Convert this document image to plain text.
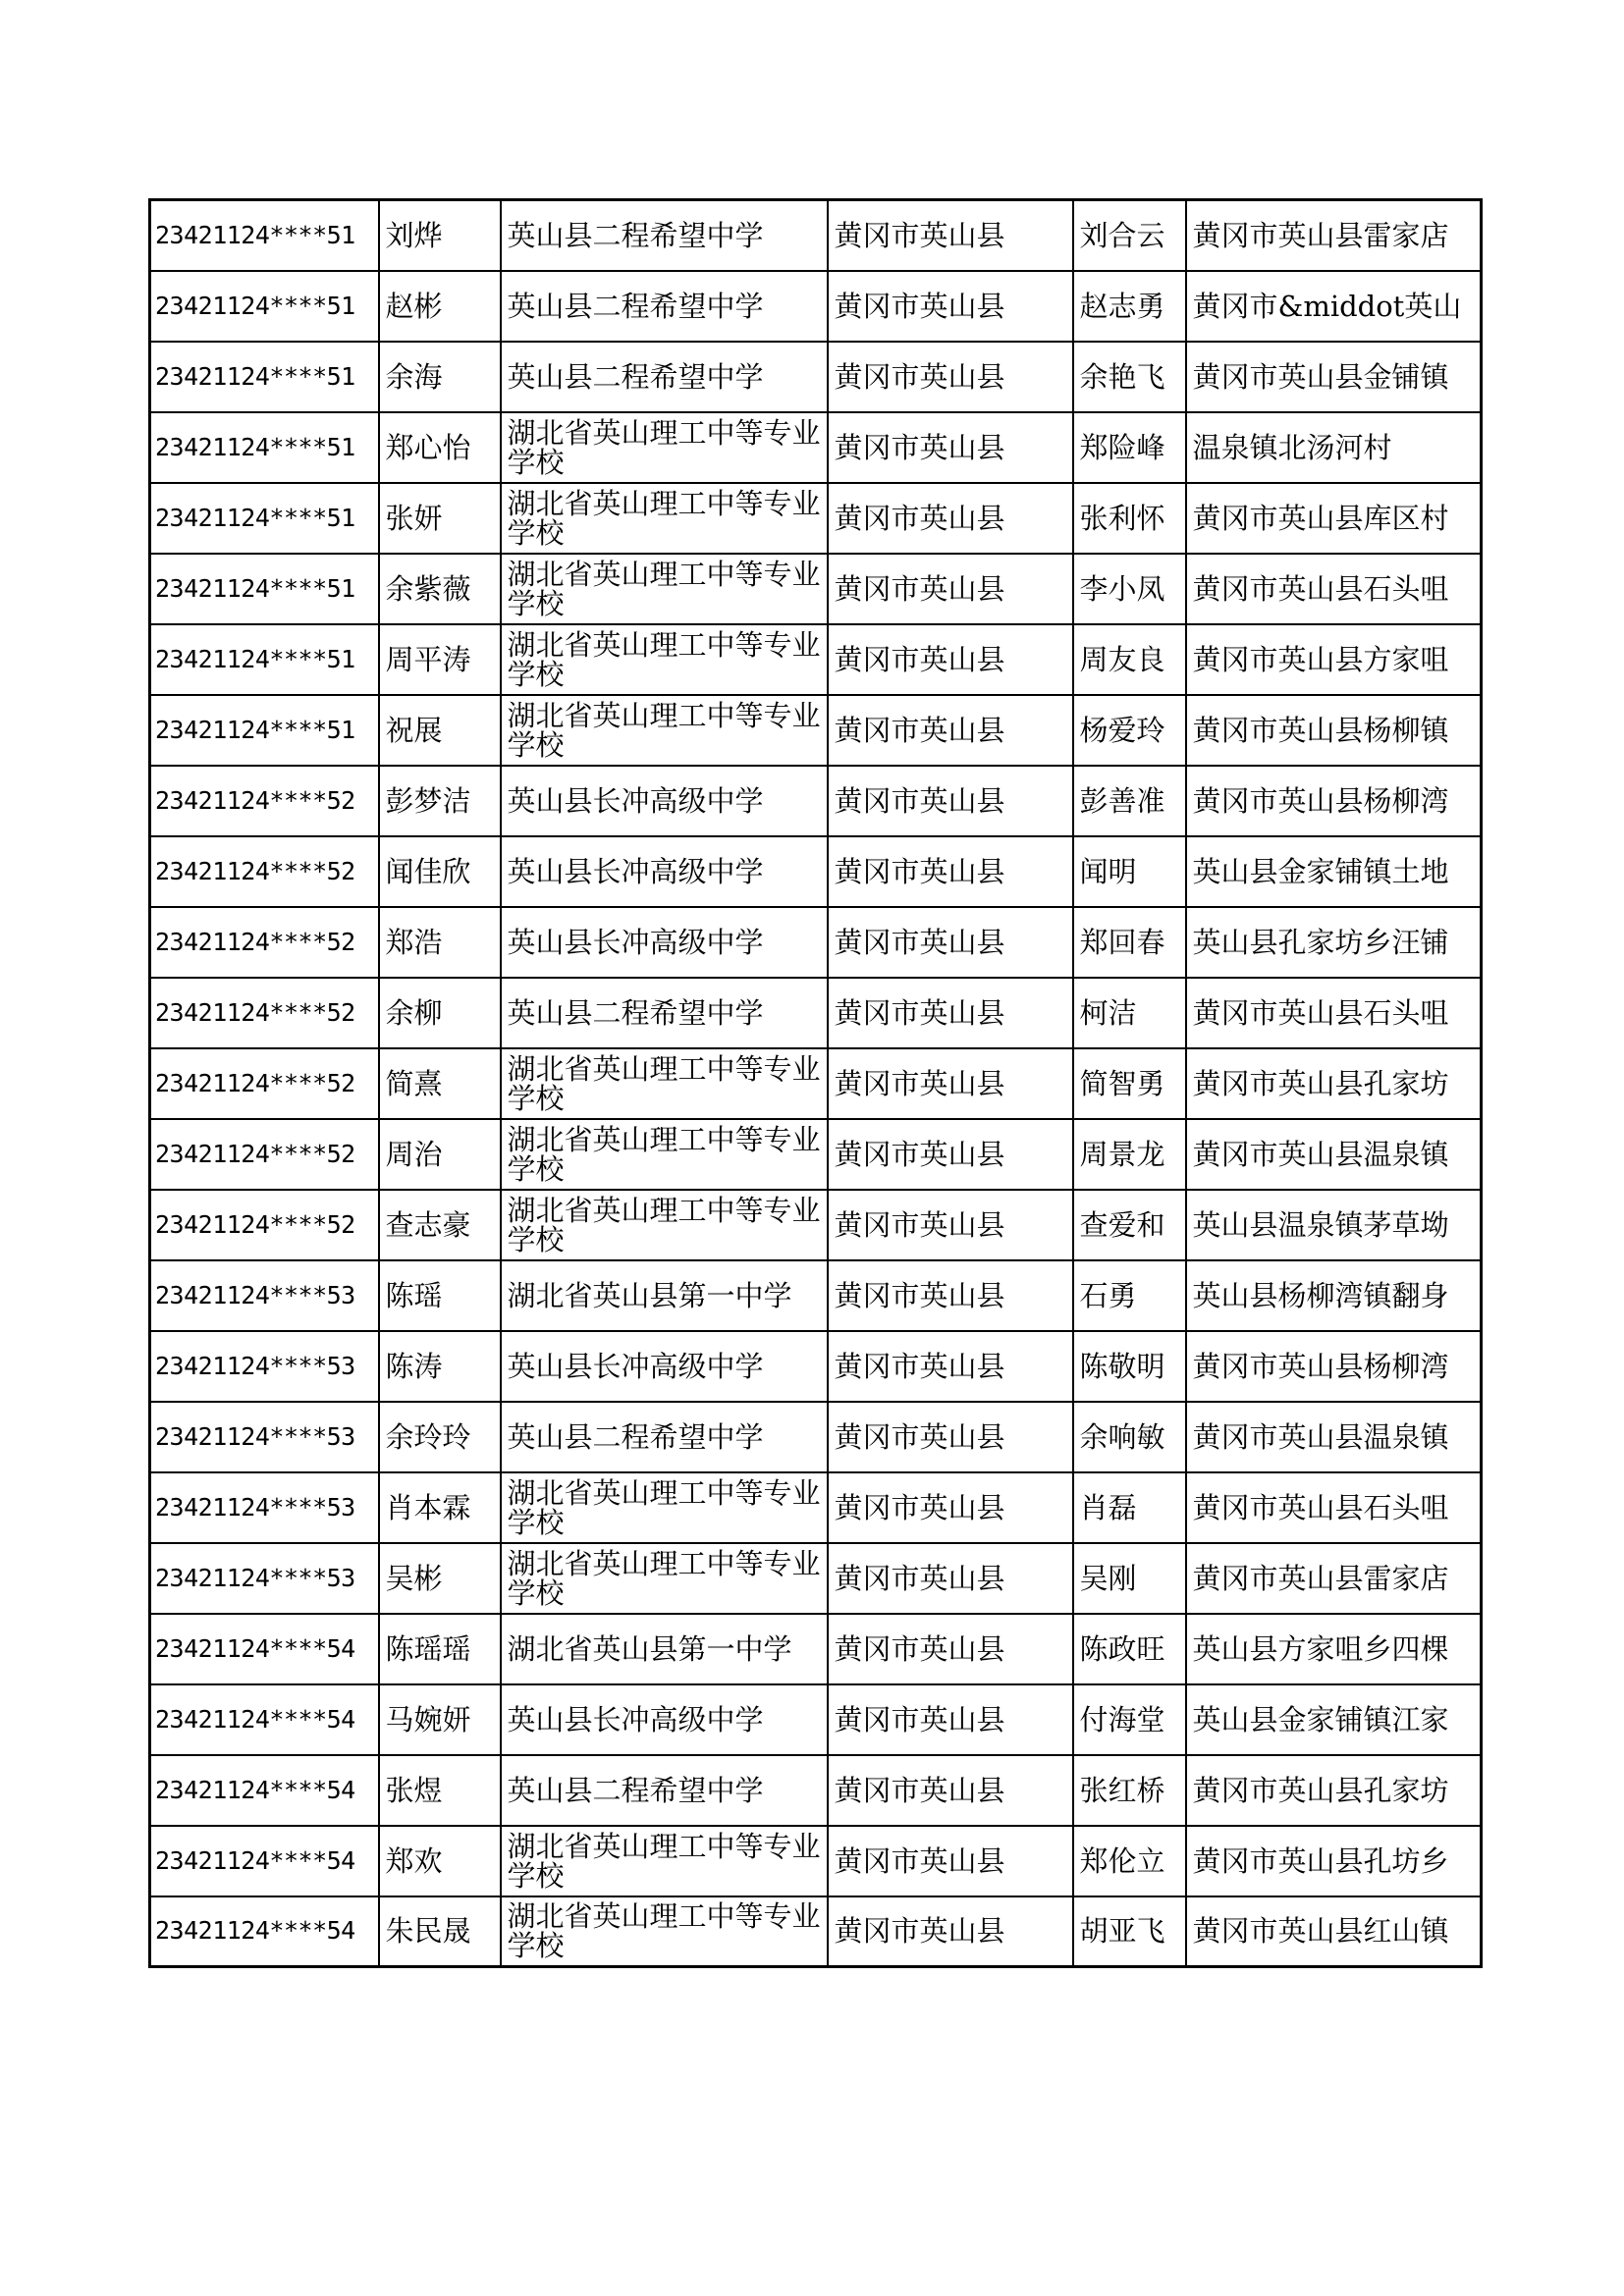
23421124****51	刘烨	英山县二程希望中学	黄冈市英山县	刘合云	黄冈市英山县雷家店
23421124****51	赵彬	英山县二程希望中学	黄冈市英山县	赵志勇	黄冈市&middot英山
23421124****51	余海	英山县二程希望中学	黄冈市英山县	余艳飞	黄冈市英山县金铺镇
23421124****51	郑心怡	湖北省英山理工中等专业学校	黄冈市英山县	郑险峰	温泉镇北汤河村
23421124****51	张妍	湖北省英山理工中等专业学校	黄冈市英山县	张利怀	黄冈市英山县库区村
23421124****51	余紫薇	湖北省英山理工中等专业学校	黄冈市英山县	李小凤	黄冈市英山县石头咀
23421124****51	周平涛	湖北省英山理工中等专业学校	黄冈市英山县	周友良	黄冈市英山县方家咀
23421124****51	祝展	湖北省英山理工中等专业学校	黄冈市英山县	杨爱玲	黄冈市英山县杨柳镇
23421124****52	彭梦洁	英山县长冲高级中学	黄冈市英山县	彭善准	黄冈市英山县杨柳湾
23421124****52	闻佳欣	英山县长冲高级中学	黄冈市英山县	闻明	英山县金家铺镇土地
23421124****52	郑浩	英山县长冲高级中学	黄冈市英山县	郑回春	英山县孔家坊乡汪铺
23421124****52	余柳	英山县二程希望中学	黄冈市英山县	柯洁	黄冈市英山县石头咀
23421124****52	简熹	湖北省英山理工中等专业学校	黄冈市英山县	简智勇	黄冈市英山县孔家坊
23421124****52	周治	湖北省英山理工中等专业学校	黄冈市英山县	周景龙	黄冈市英山县温泉镇
23421124****52	查志豪	湖北省英山理工中等专业学校	黄冈市英山县	查爱和	英山县温泉镇茅草坳
23421124****53	陈瑶	湖北省英山县第一中学	黄冈市英山县	石勇	英山县杨柳湾镇翻身
23421124****53	陈涛	英山县长冲高级中学	黄冈市英山县	陈敬明	黄冈市英山县杨柳湾
23421124****53	余玲玲	英山县二程希望中学	黄冈市英山县	余响敏	黄冈市英山县温泉镇
23421124****53	肖本霖	湖北省英山理工中等专业学校	黄冈市英山县	肖磊	黄冈市英山县石头咀
23421124****53	吴彬	湖北省英山理工中等专业学校	黄冈市英山县	吴刚	黄冈市英山县雷家店
23421124****54	陈瑶瑶	湖北省英山县第一中学	黄冈市英山县	陈政旺	英山县方家咀乡四棵
23421124****54	马婉妍	英山县长冲高级中学	黄冈市英山县	付海堂	英山县金家铺镇江家
23421124****54	张煜	英山县二程希望中学	黄冈市英山县	张红桥	黄冈市英山县孔家坊
23421124****54	郑欢	湖北省英山理工中等专业学校	黄冈市英山县	郑伦立	黄冈市英山县孔坊乡
23421124****54	朱民晟	湖北省英山理工中等专业学校	黄冈市英山县	胡亚飞	黄冈市英山县红山镇
